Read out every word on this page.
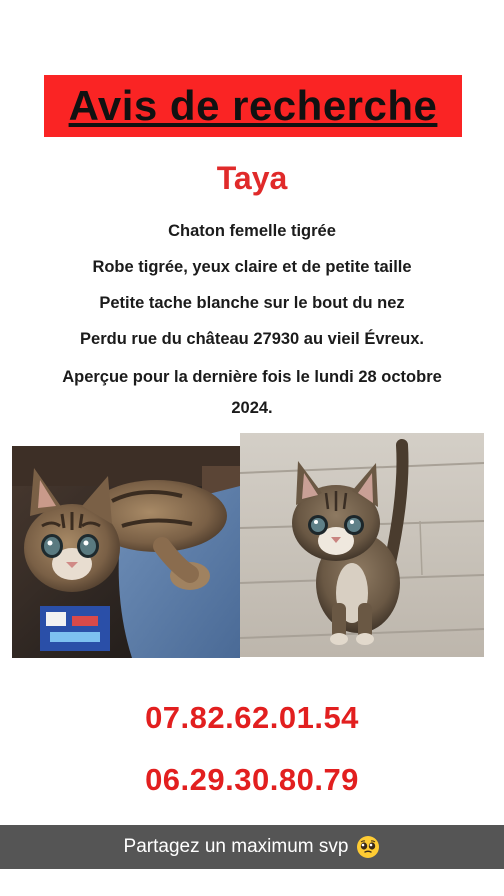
Avis de recherche
Taya
Chaton femelle tigrée
Robe tigrée, yeux claire et de petite taille
Petite tache blanche sur le bout du nez
Perdu rue du château 27930 au vieil Évreux.
Aperçue pour la dernière fois le lundi 28 octobre
2024.
07.82.62.01.54
06.29.30.80.79
Partagez un maximum svp
